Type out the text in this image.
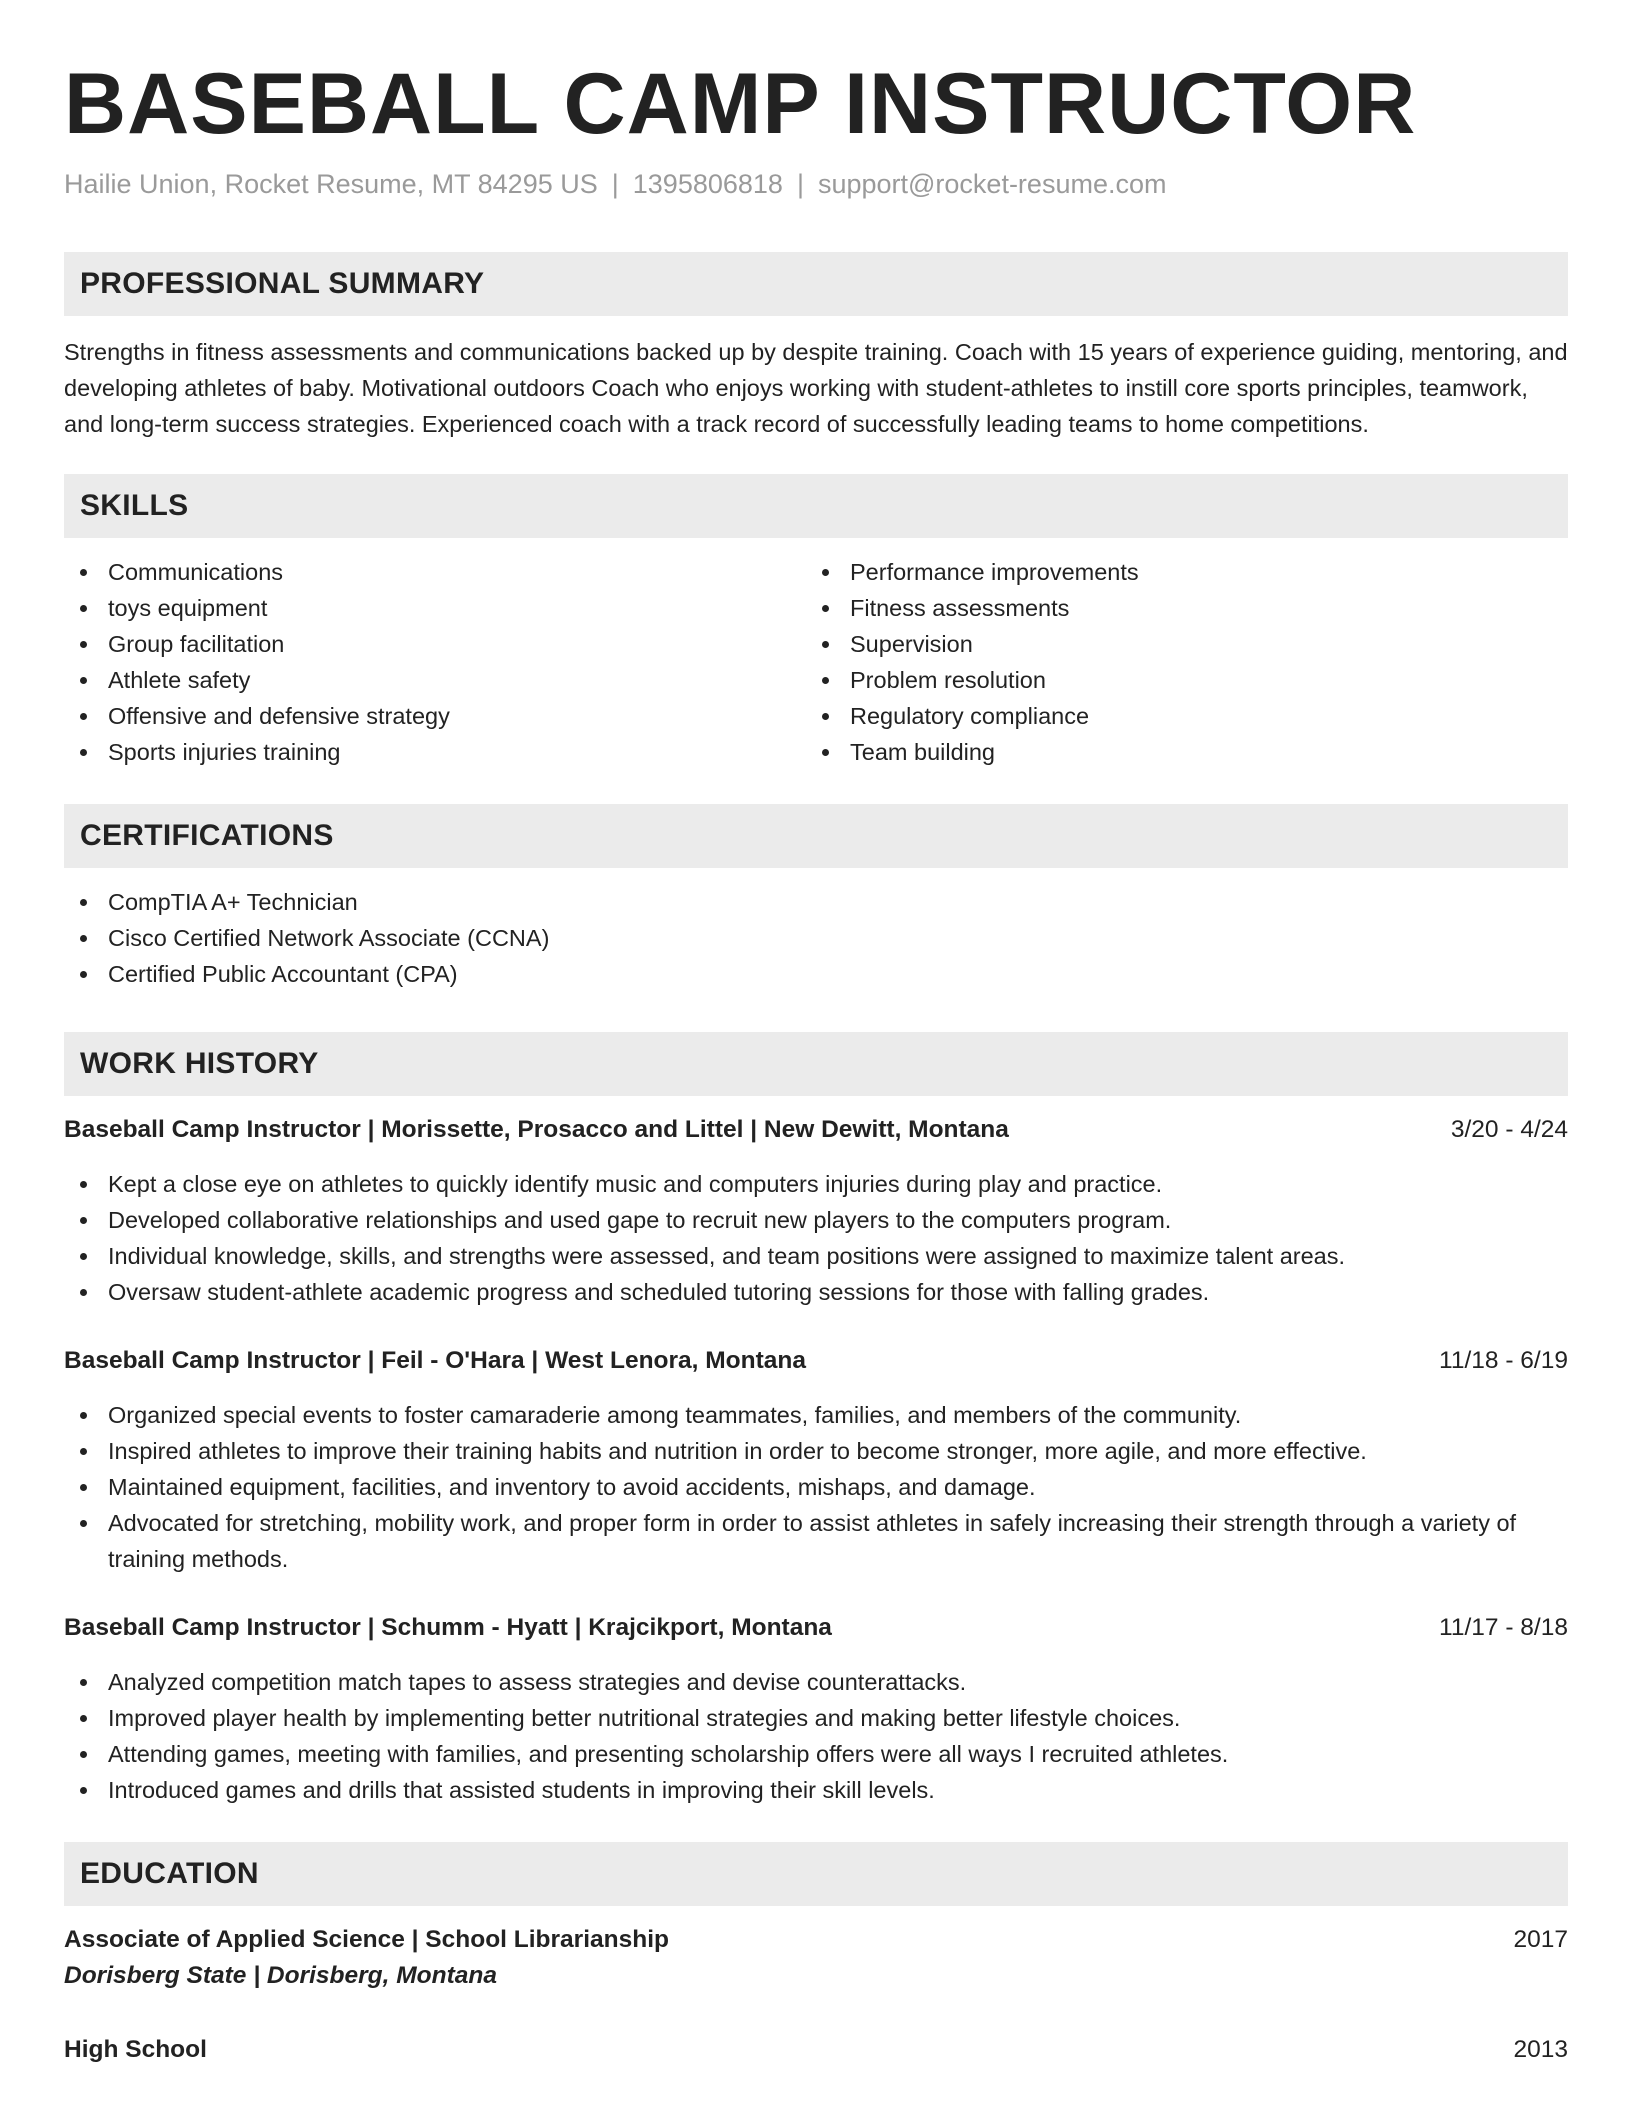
BASEBALL CAMP INSTRUCTOR
Hailie Union, Rocket Resume, MT 84295 US | 1395806818 | support@rocket-resume.com
PROFESSIONAL SUMMARY

Strengths in fitness assessments and communications backed up by despite training. Coach with 15 years of experience guiding, mentoring, and developing athletes of baby. Motivational outdoors Coach who enjoys working with student-athletes to instill core sports principles, teamwork, and long-term success strategies. Experienced coach with a track record of successfully leading teams to home competitions.

SKILLS
Communications
toys equipment
Group facilitation
Athlete safety
Offensive and defensive strategy
Sports injuries training
Performance improvements
Fitness assessments
Supervision
Problem resolution
Regulatory compliance
Team building
CERTIFICATIONS
CompTIA A+ Technician
Cisco Certified Network Associate (CCNA)
Certified Public Accountant (CPA)
WORK HISTORY
Baseball Camp Instructor | Morissette, Prosacco and Littel | New Dewitt, Montana	3/20 - 4/24
Kept a close eye on athletes to quickly identify music and computers injuries during play and practice.
Developed collaborative relationships and used gape to recruit new players to the computers program.
Individual knowledge, skills, and strengths were assessed, and team positions were assigned to maximize talent areas.
Oversaw student-athlete academic progress and scheduled tutoring sessions for those with falling grades.
Baseball Camp Instructor | Feil - O'Hara | West Lenora, Montana	11/18 - 6/19
Organized special events to foster camaraderie among teammates, families, and members of the community.
Inspired athletes to improve their training habits and nutrition in order to become stronger, more agile, and more effective.
Maintained equipment, facilities, and inventory to avoid accidents, mishaps, and damage.
Advocated for stretching, mobility work, and proper form in order to assist athletes in safely increasing their strength through a variety of training methods.
Baseball Camp Instructor | Schumm - Hyatt | Krajcikport, Montana	11/17 - 8/18
Analyzed competition match tapes to assess strategies and devise counterattacks.
Improved player health by implementing better nutritional strategies and making better lifestyle choices.
Attending games, meeting with families, and presenting scholarship offers were all ways I recruited athletes.
Introduced games and drills that assisted students in improving their skill levels.
EDUCATION
Associate of Applied Science | School Librarianship	2017
Dorisberg State | Dorisberg, Montana
High School	2013
